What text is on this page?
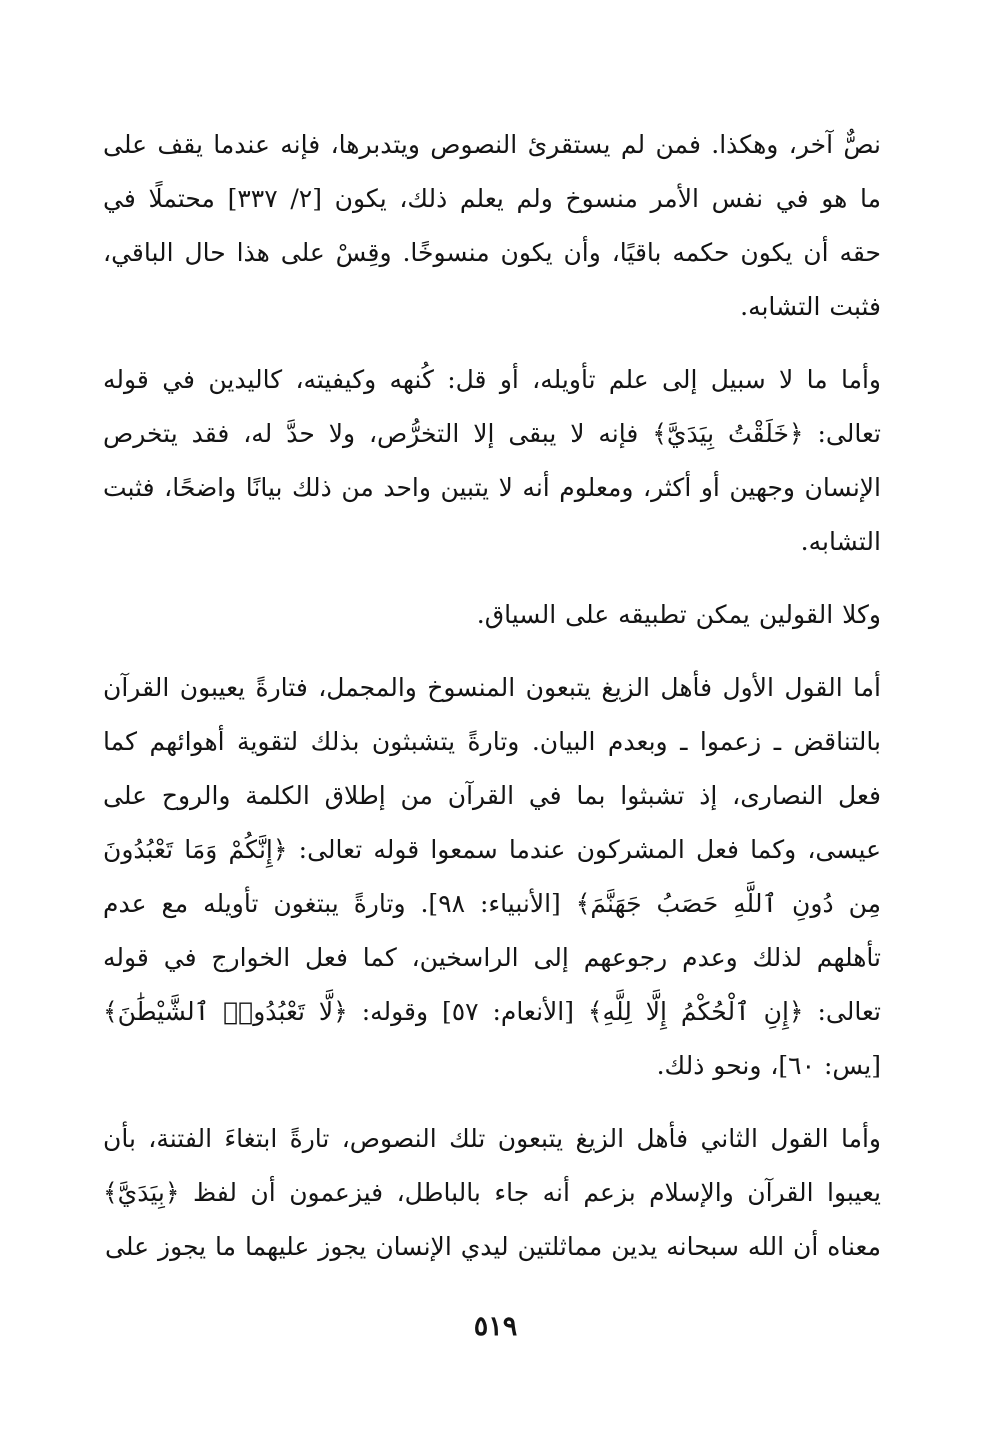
نصٌّ آخر، وهكذا. فمن لم يستقرئ النصوص ويتدبرها، فإنه عندما يقف على ما هو في نفس الأمر منسوخ ولم يعلم ذلك، يكون [٢/ ٣٣٧] محتملًا في حقه أن يكون حكمه باقيًا، وأن يكون منسوخًا. وقِسْ على هذا حال الباقي، فثبت التشابه.

وأما ما لا سبيل إلى علم تأويله، أو قل: كُنهه وكيفيته، كاليدين في قوله تعالى: ﴿خَلَقْتُ بِيَدَيَّ﴾ فإنه لا يبقى إلا التخرُّص، ولا حدَّ له، فقد يتخرص الإنسان وجهين أو أكثر، ومعلوم أنه لا يتبين واحد من ذلك بيانًا واضحًا، فثبت التشابه.

وكلا القولين يمكن تطبيقه على السياق.

أما القول الأول فأهل الزيغ يتبعون المنسوخ والمجمل، فتارةً يعيبون القرآن بالتناقض ـ زعموا ـ وبعدم البيان. وتارةً يتشبثون بذلك لتقوية أهوائهم كما فعل النصارى، إذ تشبثوا بما في القرآن من إطلاق الكلمة والروح على عيسى، وكما فعل المشركون عندما سمعوا قوله تعالى: ﴿إِنَّكُمْ وَمَا تَعْبُدُونَ مِن دُونِ ٱللَّهِ حَصَبُ جَهَنَّمَ﴾ [الأنبياء: ٩٨]. وتارةً يبتغون تأويله مع عدم تأهلهم لذلك وعدم رجوعهم إلى الراسخين، كما فعل الخوارج في قوله تعالى: ﴿إِنِ ٱلْحُكْمُ إِلَّا لِلَّهِ﴾ [الأنعام: ٥٧] وقوله: ﴿لَّا تَعْبُدُوا۟ ٱلشَّيْطَٰنَ﴾ [يس: ٦٠]، ونحو ذلك.

وأما القول الثاني فأهل الزيغ يتبعون تلك النصوص، تارةً ابتغاءَ الفتنة، بأن يعيبوا القرآن والإسلام بزعم أنه جاء بالباطل، فيزعمون أن لفظ ﴿بِيَدَيَّ﴾ معناه أن الله سبحانه يدين مماثلتين ليدي الإنسان يجوز عليهما ما يجوز على

٥١٩
